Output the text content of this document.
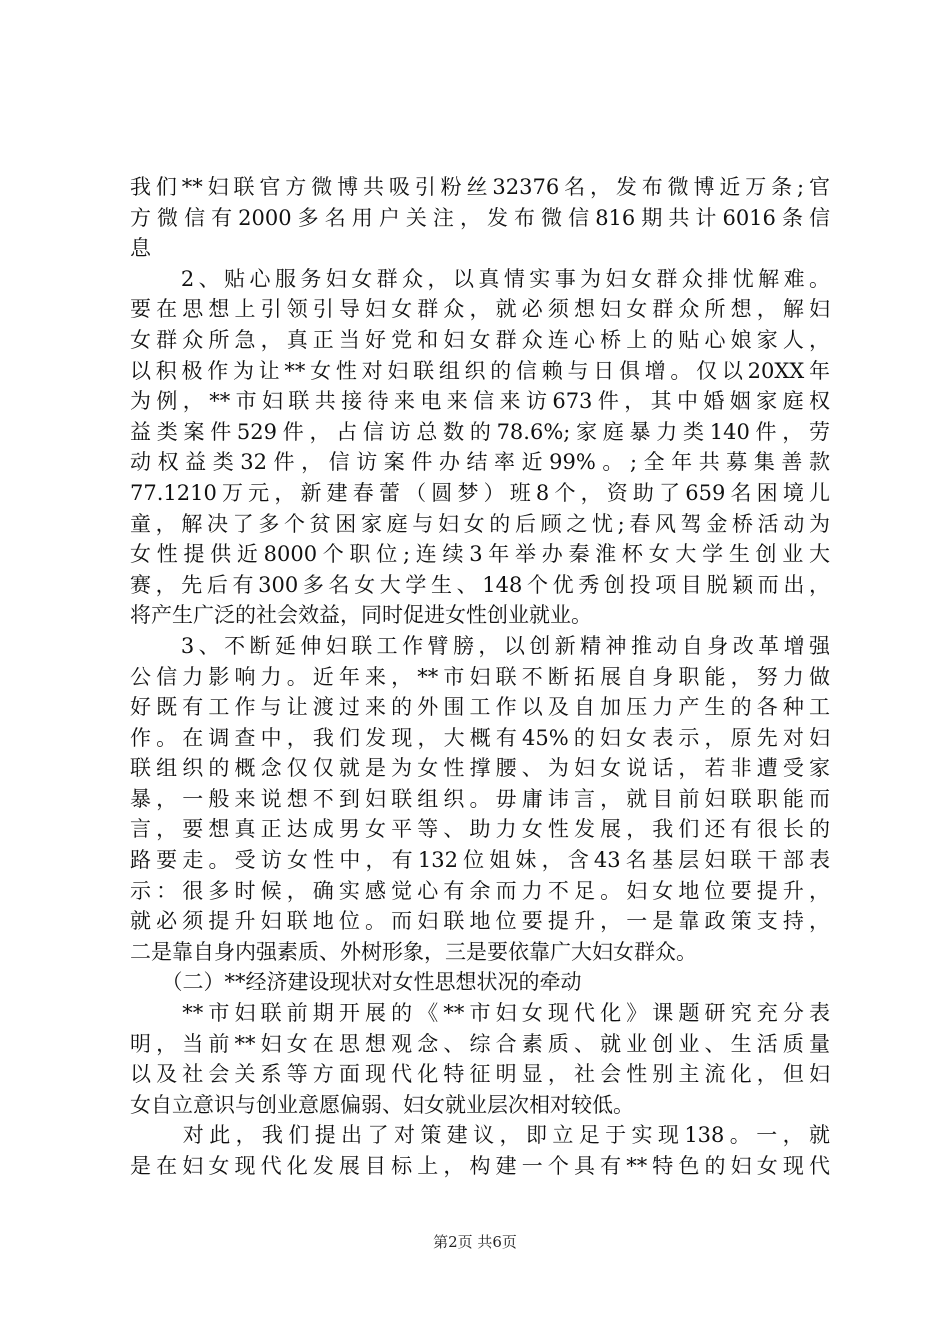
我们**妇联官方微博共吸引粉丝32376名，发布微博近万条;官
方微信有2000多名用户关注，发布微信816期共计6016条信
息
　　2、贴心服务妇女群众，以真情实事为妇女群众排忧解难。
要在思想上引领引导妇女群众，就必须想妇女群众所想，解妇
女群众所急，真正当好党和妇女群众连心桥上的贴心娘家人，
以积极作为让**女性对妇联组织的信赖与日俱增。仅以20XX年
为例，**市妇联共接待来电来信来访673件，其中婚姻家庭权
益类案件529件，占信访总数的78.6%;家庭暴力类140件，劳
动权益类32件，信访案件办结率近99%。;全年共募集善款
77.1210万元，新建春蕾（圆梦）班8个，资助了659名困境儿
童，解决了多个贫困家庭与妇女的后顾之忧;春风驾金桥活动为
女性提供近8000个职位;连续3年举办秦淮杯女大学生创业大
赛，先后有300多名女大学生、148个优秀创投项目脱颖而出，
将产生广泛的社会效益，同时促进女性创业就业。
　　3、不断延伸妇联工作臂膀，以创新精神推动自身改革增强
公信力影响力。近年来，**市妇联不断拓展自身职能，努力做
好既有工作与让渡过来的外围工作以及自加压力产生的各种工
作。在调查中，我们发现，大概有45%的妇女表示，原先对妇
联组织的概念仅仅就是为女性撑腰、为妇女说话，若非遭受家
暴，一般来说想不到妇联组织。毋庸讳言，就目前妇联职能而
言，要想真正达成男女平等、助力女性发展，我们还有很长的
路要走。受访女性中，有132位姐妹，含43名基层妇联干部表
示：很多时候，确实感觉心有余而力不足。妇女地位要提升，
就必须提升妇联地位。而妇联地位要提升，一是靠政策支持，
二是靠自身内强素质、外树形象，三是要依靠广大妇女群众。
　　（二）**经济建设现状对女性思想状况的牵动
　　**市妇联前期开展的《**市妇女现代化》课题研究充分表
明，当前**妇女在思想观念、综合素质、就业创业、生活质量
以及社会关系等方面现代化特征明显，社会性别主流化，但妇
女自立意识与创业意愿偏弱、妇女就业层次相对较低。
　　对此，我们提出了对策建议，即立足于实现138。一，就
是在妇女现代化发展目标上，构建一个具有**特色的妇女现代
第2页 共6页
